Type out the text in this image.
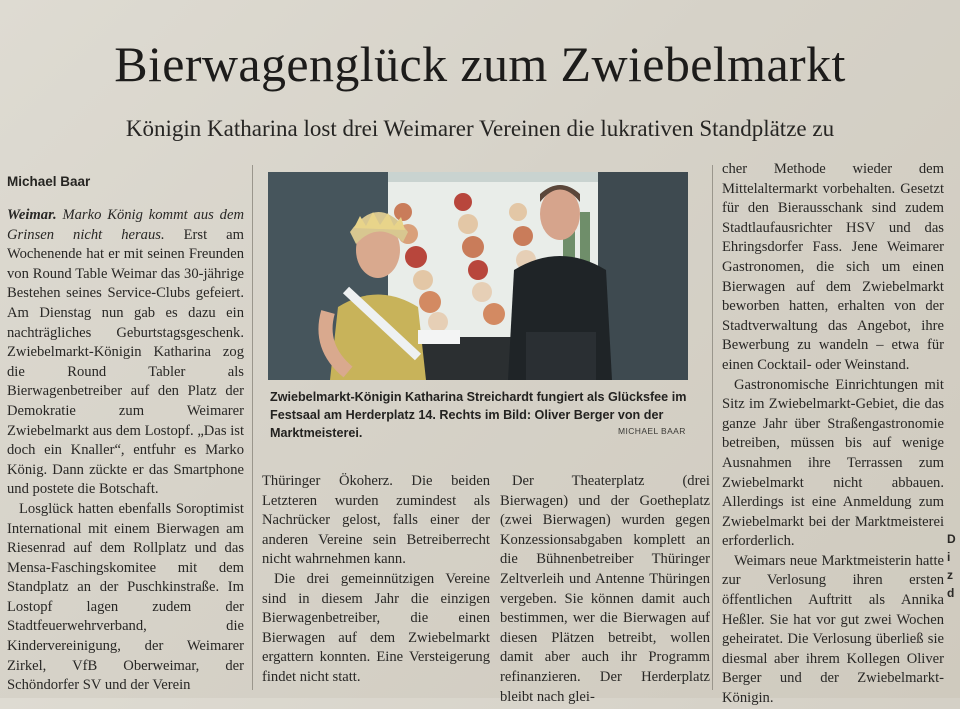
Bierwagenglück zum Zwiebelmarkt
Königin Katharina lost drei Weimarer Vereinen die lukrativen Standplätze zu
Michael Baar

Weimar. Marko König kommt aus dem Grinsen nicht heraus. Erst am Wochenende hat er mit seinen Freunden von Round Table Weimar das 30-jährige Bestehen seines Service-Clubs gefeiert. Am Dienstag nun gab es dazu ein nachträgliches Geburtstagsgeschenk. Zwiebelmarkt-Königin Katharina zog die Round Tabler als Bierwagenbetreiber auf den Platz der Demokratie zum Weimarer Zwiebelmarkt aus dem Lostopf. „Das ist doch ein Knaller“, entfuhr es Marko König. Dann zückte er das Smartphone und postete die Botschaft.

Losglück hatten ebenfalls Soroptimist International mit einem Bierwagen am Riesenrad auf dem Rollplatz und das Mensa-Faschingskomitee mit dem Standplatz an der Puschkinstraße. Im Lostopf lagen zudem der Stadtfeuerwehrverband, die Kindervereinigung, der Weimarer Zirkel, VfB Oberweimar, der Schöndorfer SV und der Verein

Zwiebelmarkt-Königin Katharina Streichardt fungiert als Glücksfee im Festsaal am Herderplatz 14. Rechts im Bild: Oliver Berger von der Marktmeisterei.	MICHAEL BAAR

Thüringer Ökoherz. Die beiden Letzteren wurden zumindest als Nachrücker gelost, falls einer der anderen Vereine sein Betreiberrecht nicht wahrnehmen kann.

Die drei gemeinnützigen Vereine sind in diesem Jahr die einzigen Bierwagenbetreiber, die einen Bierwagen auf dem Zwiebelmarkt ergattern konnten. Eine Versteigerung findet nicht statt.

Der Theaterplatz (drei Bierwagen) und der Goetheplatz (zwei Bierwagen) wurden gegen Konzessionsabgaben komplett an die Bühnenbetreiber Thüringer Zeltverleih und Antenne Thüringen vergeben. Sie können damit auch bestimmen, wer die Bierwagen auf diesen Plätzen betreibt, wollen damit aber auch ihr Programm refinanzieren. Der Herderplatz bleibt nach glei-

cher Methode wieder dem Mittelaltermarkt vorbehalten. Gesetzt für den Bierausschank sind zudem Stadtlaufausrichter HSV und das Ehringsdorfer Fass. Jene Weimarer Gastronomen, die sich um einen Bierwagen auf dem Zwiebelmarkt beworben hatten, erhalten von der Stadtverwaltung das Angebot, ihre Bewerbung zu wandeln – etwa für einen Cocktail- oder Weinstand.

Gastronomische Einrichtungen mit Sitz im Zwiebelmarkt-Gebiet, die das ganze Jahr über Straßengastronomie betreiben, müssen bis auf wenige Ausnahmen ihre Terrassen zum Zwiebelmarkt nicht abbauen. Allerdings ist eine Anmeldung zum Zwiebelmarkt bei der Marktmeisterei erforderlich.

Weimars neue Marktmeisterin hatte zur Verlosung ihren ersten öffentlichen Auftritt als Annika Heßler. Sie hat vor gut zwei Wochen geheiratet. Die Verlosung überließ sie diesmal aber ihrem Kollegen Oliver Berger und der Zwiebelmarkt-Königin.

D
i
z
d
